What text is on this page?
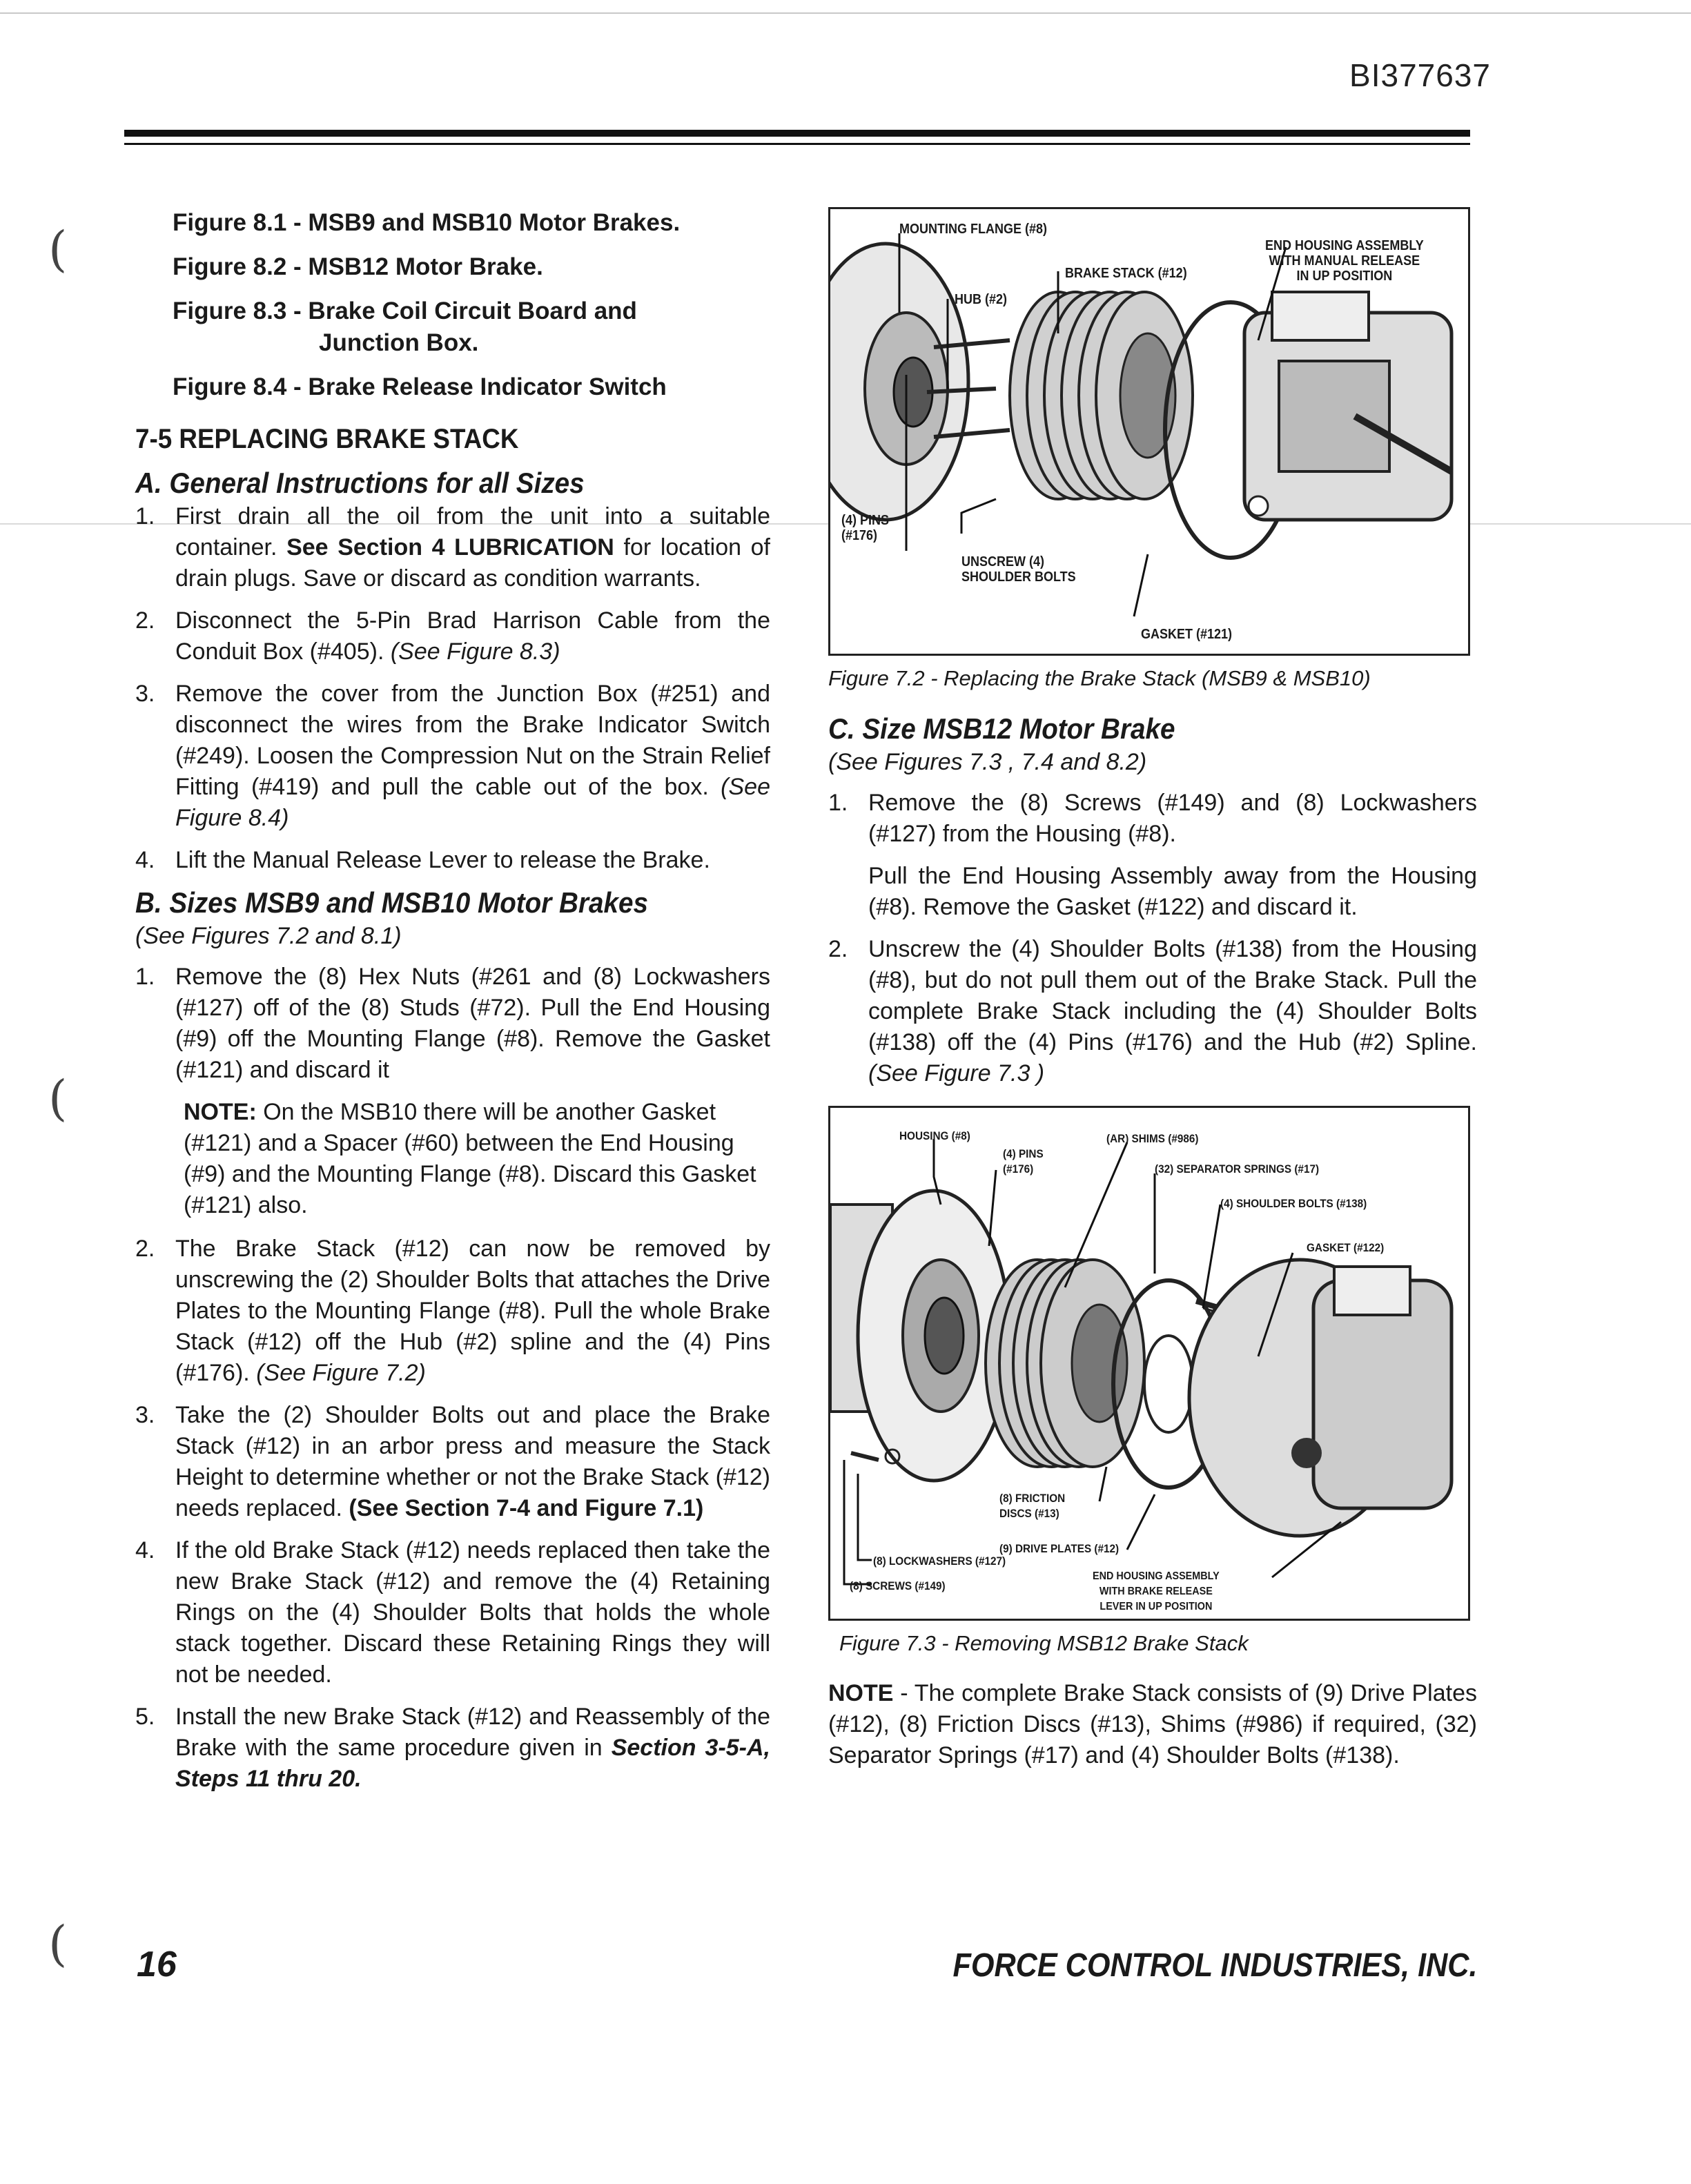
(
(
(
BI377637

Figure 8.1 - MSB9 and MSB10 Motor Brakes.

Figure 8.2 - MSB12 Motor Brake.

Figure 8.3 - Brake Coil Circuit Board and
Junction Box.

Figure 8.4 - Brake Release Indicator Switch

7-5 REPLACING BRAKE STACK
A. General Instructions for all Sizes
1. First drain all the oil from the unit into a suitable container. See Section 4 LUBRICATION for location of drain plugs. Save or discard as condition warrants.
2. Disconnect the 5-Pin Brad Harrison Cable from the Conduit Box (#405). (See Figure 8.3)
3. Remove the cover from the Junction Box (#251) and disconnect the wires from the Brake Indicator Switch (#249). Loosen the Compression Nut on the Strain Relief Fitting (#419) and pull the cable out of the box. (See Figure 8.4)
4. Lift the Manual Release Lever to release the Brake.
B. Sizes MSB9 and MSB10 Motor Brakes
(See Figures 7.2 and 8.1)
1. Remove the (8) Hex Nuts (#261 and (8) Lockwashers (#127) off of the (8) Studs (#72). Pull the End Housing (#9) off the Mounting Flange (#8). Remove the Gasket (#121) and discard it
NOTE: On the MSB10 there will be another Gasket (#121) and a Spacer (#60) between the End Housing (#9) and the Mounting Flange (#8). Discard this Gasket (#121) also.
2. The Brake Stack (#12) can now be removed by unscrewing the (2) Shoulder Bolts that attaches the Drive Plates to the Mounting Flange (#8). Pull the whole Brake Stack (#12) off the Hub (#2) spline and the (4) Pins (#176). (See Figure 7.2)
3. Take the (2) Shoulder Bolts out and place the Brake Stack (#12) in an arbor press and measure the Stack Height to determine whether or not the Brake Stack (#12) needs replaced. (See Section 7-4 and Figure 7.1)
4. If the old Brake Stack (#12) needs replaced then take the new Brake Stack (#12) and remove the (4) Retaining Rings on the (4) Shoulder Bolts that holds the whole stack together. Discard these Retaining Rings they will not be needed.
5. Install the new Brake Stack (#12) and Reassembly of the Brake with the same procedure given in Section 3-5-A, Steps 11 thru 20.
MOUNTING FLANGE (#8)
END HOUSING ASSEMBLY
WITH MANUAL RELEASE
IN UP POSITION
BRAKE STACK (#12)
HUB (#2)
(4) PINS
(#176)
UNSCREW (4)
SHOULDER BOLTS
GASKET (#121)
Figure 7.2 - Replacing the Brake Stack (MSB9 & MSB10)
C. Size MSB12 Motor Brake
(See Figures 7.3 , 7.4 and 8.2)
1. Remove the (8) Screws (#149) and (8) Lockwashers (#127) from the Housing (#8).

Pull the End Housing Assembly away from the Housing (#8). Remove the Gasket (#122) and discard it.

2. Unscrew the (4) Shoulder Bolts (#138) from the Housing (#8), but do not pull them out of the Brake Stack. Pull the complete Brake Stack including the (4) Shoulder Bolts (#138) off the (4) Pins (#176) and the Hub (#2) Spline. (See Figure 7.3 )
HOUSING (#8)
(4) PINS
(#176)
(AR) SHIMS (#986)
(32) SEPARATOR SPRINGS (#17)
(4) SHOULDER BOLTS (#138)
GASKET (#122)
(8) FRICTION
DISCS (#13)
(9) DRIVE PLATES (#12)
(8) LOCKWASHERS (#127)
(8) SCREWS (#149)
END HOUSING ASSEMBLY
WITH BRAKE RELEASE
LEVER IN UP POSITION
Figure 7.3 - Removing MSB12 Brake Stack

NOTE - The complete Brake Stack consists of (9) Drive Plates (#12), (8) Friction Discs (#13), Shims (#986) if required, (32) Separator Springs (#17) and (4) Shoulder Bolts (#138).

16	FORCE CONTROL INDUSTRIES, INC.
